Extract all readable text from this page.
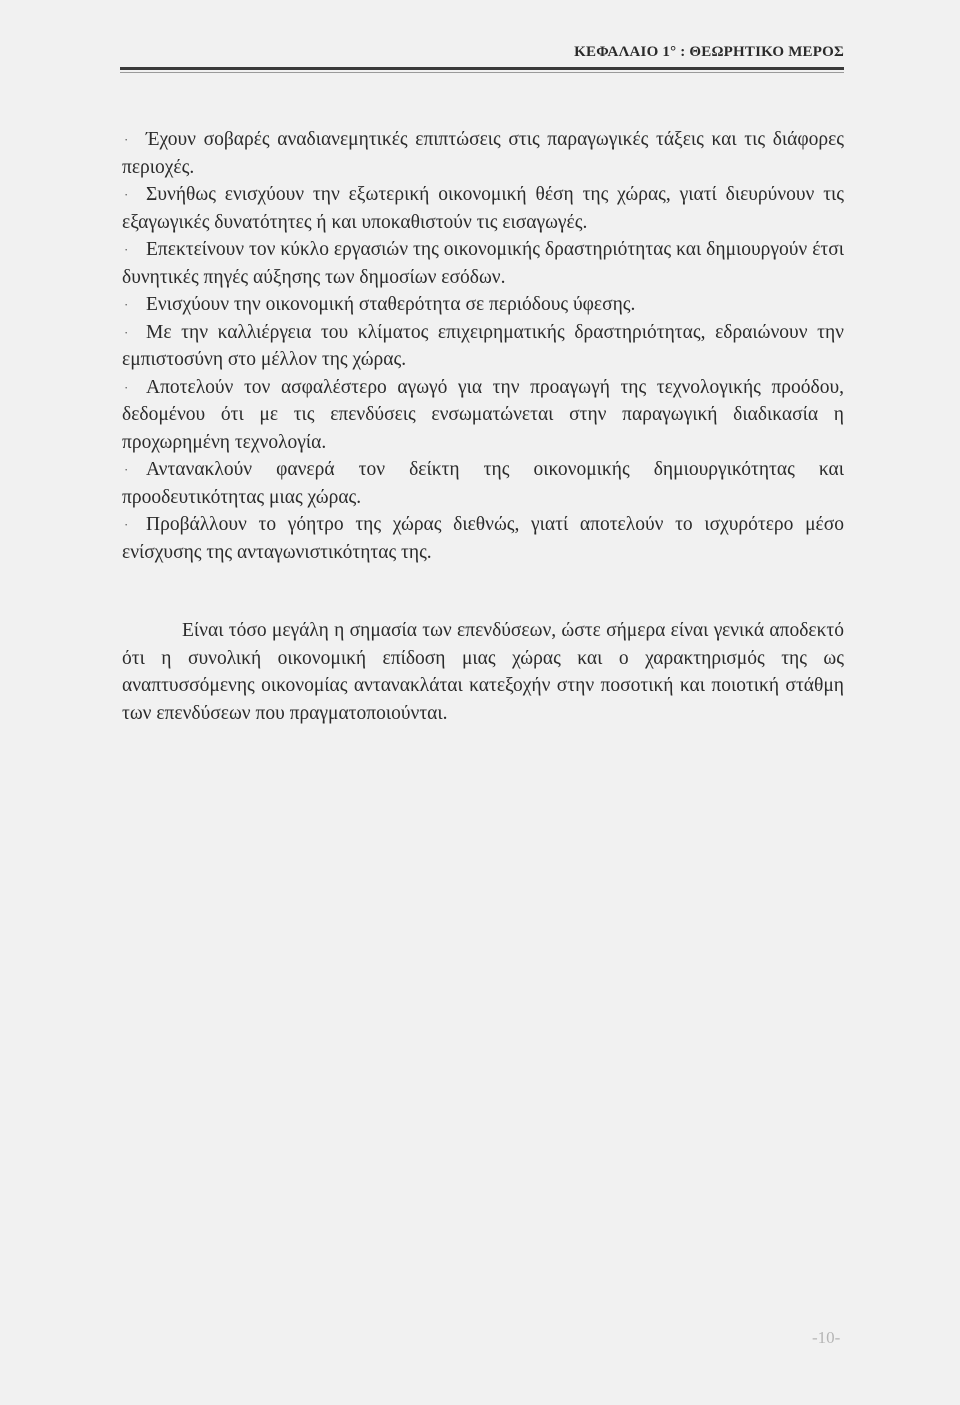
ΚΕΦΑΛΑΙΟ 1° : ΘΕΩΡΗΤΙΚΟ ΜΕΡΟΣ
· Έχουν σοβαρές αναδιανεμητικές επιπτώσεις στις παραγωγικές τάξεις και τις διάφορες περιοχές.
· Συνήθως ενισχύουν την εξωτερική οικονομική θέση της χώρας, γιατί διευρύνουν τις εξαγωγικές δυνατότητες ή και υποκαθιστούν τις εισαγωγές.
· Επεκτείνουν τον κύκλο εργασιών της οικονομικής δραστηριότητας και δημιουργούν έτσι δυνητικές πηγές αύξησης των δημοσίων εσόδων.
· Ενισχύουν την οικονομική σταθερότητα σε περιόδους ύφεσης.
· Με την καλλιέργεια του κλίματος επιχειρηματικής δραστηριότητας, εδραιώνουν την εμπιστοσύνη στο μέλλον της χώρας.
· Αποτελούν τον ασφαλέστερο αγωγό για την προαγωγή της τεχνολογικής προόδου, δεδομένου ότι με τις επενδύσεις ενσωματώνεται στην παραγωγική διαδικασία η προχωρημένη τεχνολογία.
· Αντανακλούν φανερά τον δείκτη της οικονομικής δημιουργικότητας και προοδευτικότητας μιας χώρας.
· Προβάλλουν το γόητρο της χώρας διεθνώς, γιατί αποτελούν το ισχυρότερο μέσο ενίσχυσης της ανταγωνιστικότητας της.

Είναι τόσο μεγάλη η σημασία των επενδύσεων, ώστε σήμερα είναι γενικά αποδεκτό ότι η συνολική οικονομική επίδοση μιας χώρας και ο χαρακτηρισμός της ως αναπτυσσόμενης οικονομίας αντανακλάται κατεξοχήν στην ποσοτική και ποιοτική στάθμη των επενδύσεων που πραγματοποιούνται.

-10-
